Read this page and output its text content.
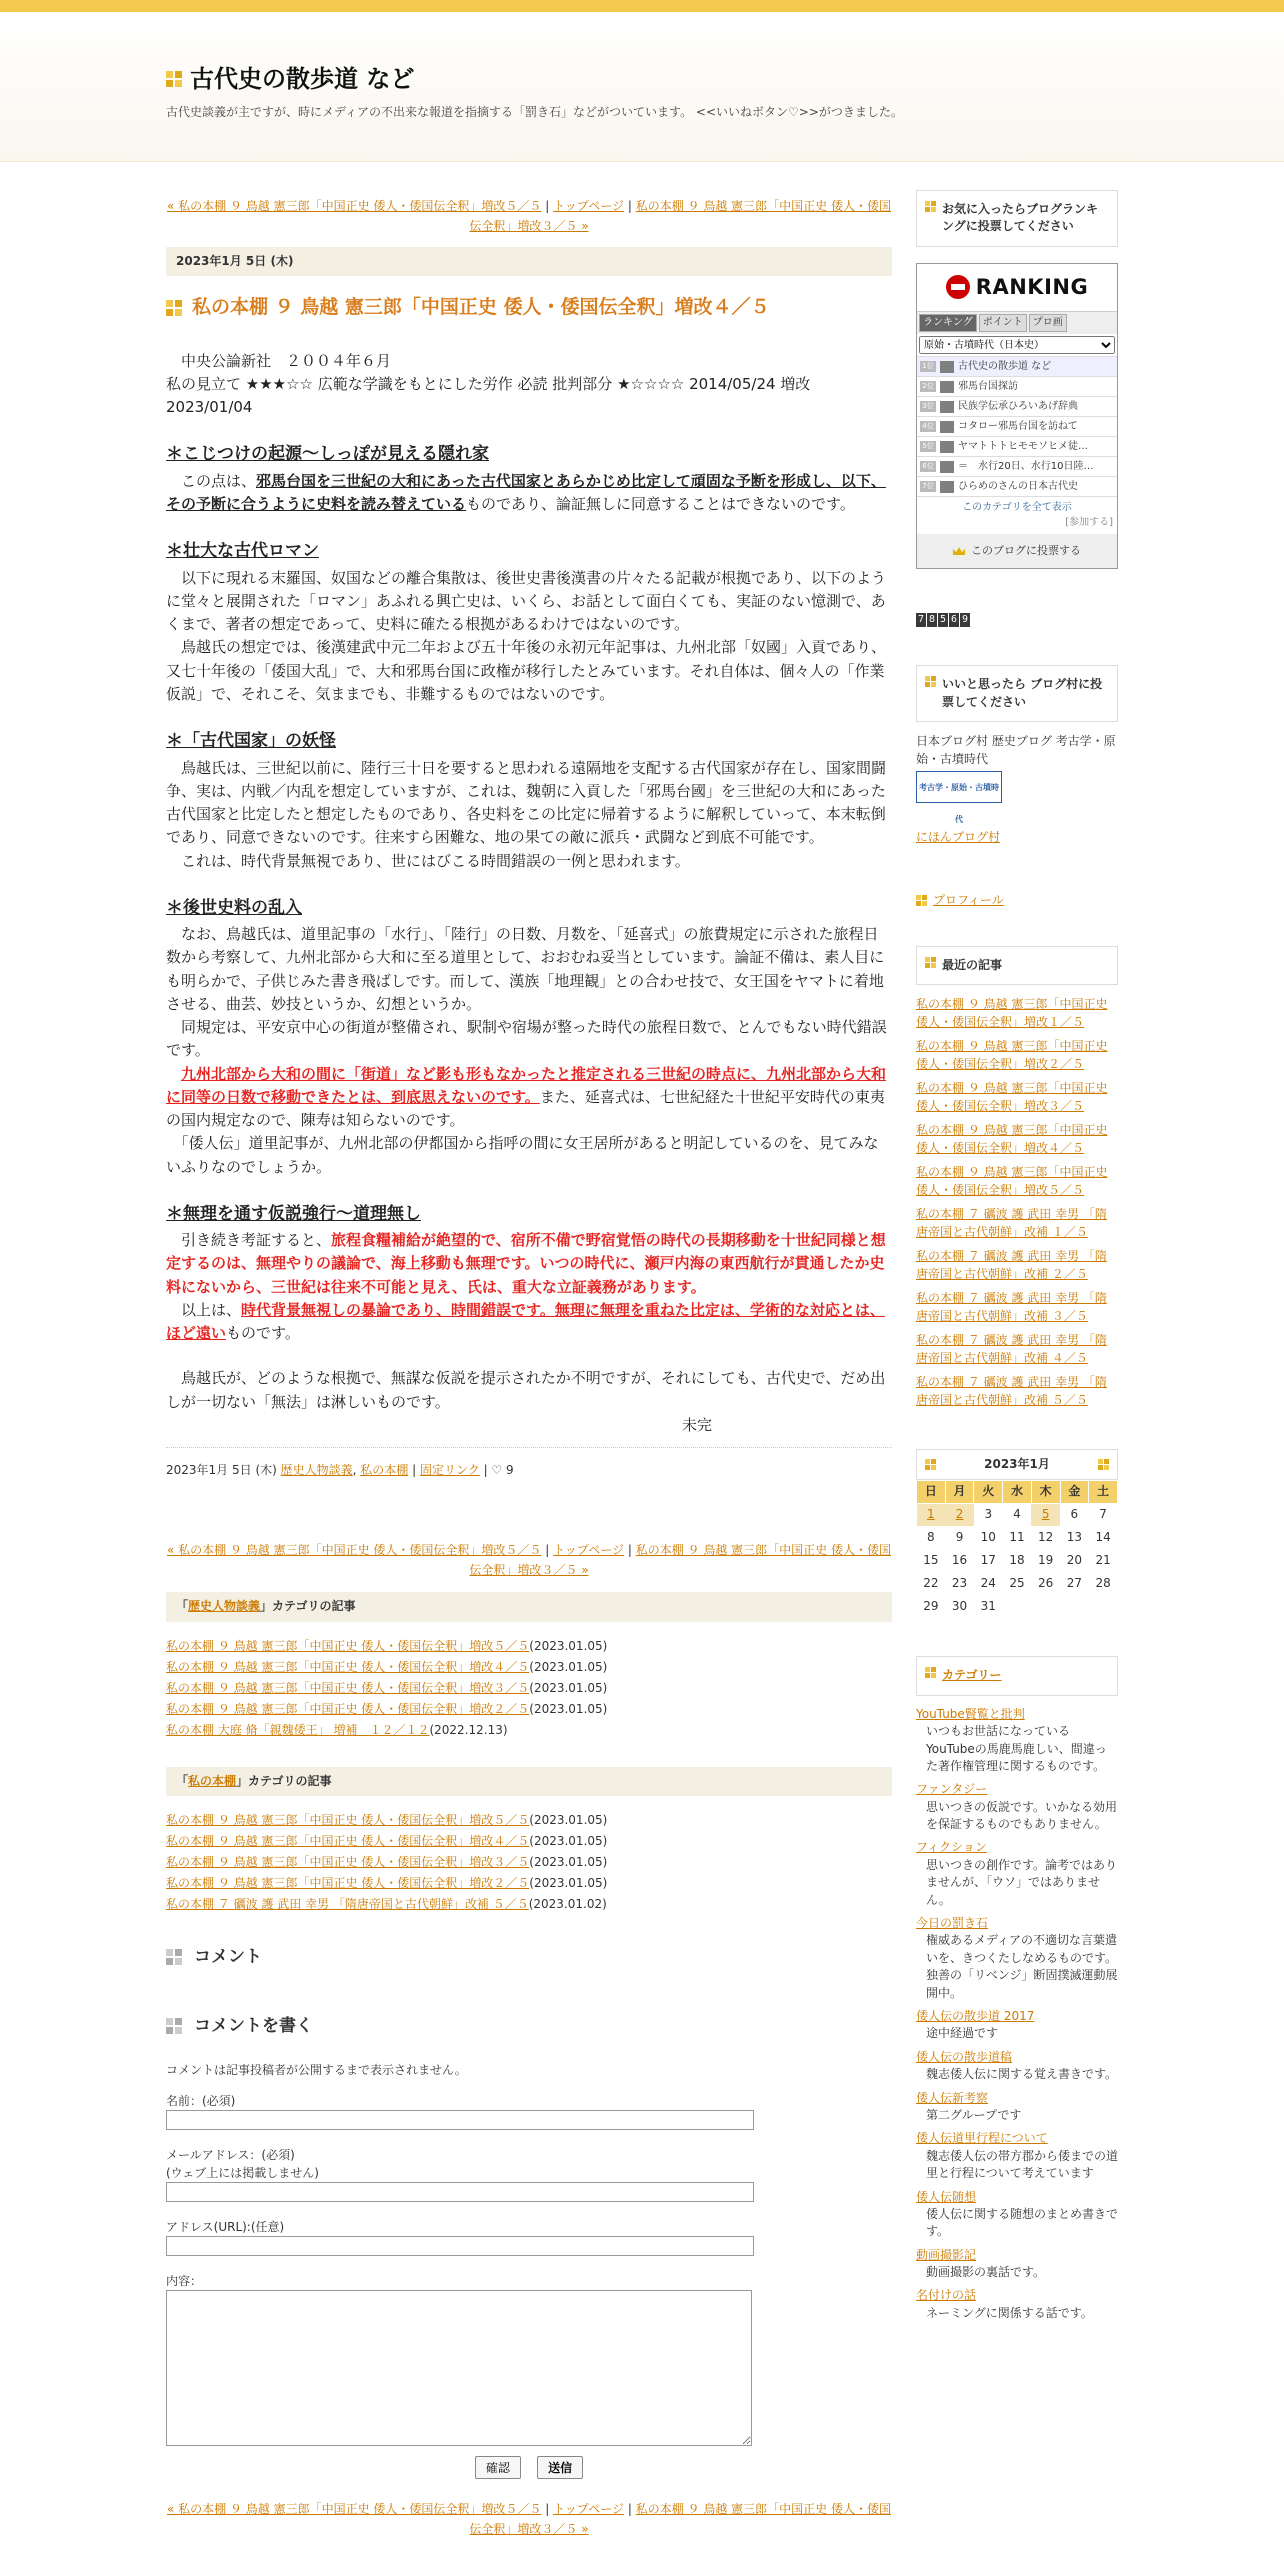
古代史の散歩道 など
古代史談義が主ですが、時にメディアの不出来な報道を指摘する「罰き石」などがついています。 <<いいねボタン♡>>がつきました。
« 私の本棚 ９ 鳥越 憲三郎「中国正史 倭人・倭国伝全釈」増改５／５ | トップページ | 私の本棚 ９ 鳥越 憲三郎「中国正史 倭人・倭国伝全釈」増改３／５ »
2023年1月 5日 (木)
私の本棚 ９ 鳥越 憲三郎「中国正史 倭人・倭国伝全釈」増改４／５

　中央公論新社　２００４年６月

私の見立て ★★★☆☆ 広範な学識をもとにした労作 必読 批判部分 ★☆☆☆☆ 2014/05/24 増改 2023/01/04

＊こじつけの起源～しっぽが見える隠れ家

　この点は、邪馬台国を三世紀の大和にあった古代国家とあらかじめ比定して頑固な予断を形成し、以下、その予断に合うように史料を読み替えているものであり、論証無しに同意することはできないのです。

＊壮大な古代ロマン

　以下に現れる末羅国、奴国などの離合集散は、後世史書後漢書の片々たる記載が根拠であり、以下のように堂々と展開された「ロマン」あふれる興亡史は、いくら、お話として面白くても、実証のない憶測で、あくまで、著者の想定であって、史料に確たる根拠があるわけではないのです。

　鳥越氏の想定では、後漢建武中元二年および五十年後の永初元年記事は、九州北部「奴國」入貢であり、又七十年後の「倭国大乱」で、大和邪馬台国に政権が移行したとみています。それ自体は、個々人の「作業仮説」で、それこそ、気ままでも、非難するものではないのです。

＊「古代国家」の妖怪

　鳥越氏は、三世紀以前に、陸行三十日を要すると思われる遠隔地を支配する古代国家が存在し、国家間闘争、実は、内戦／内乱を想定していますが、これは、魏朝に入貢した「邪馬台國」を三世紀の大和にあった古代国家と比定したと想定したものであり、各史料をこの比定に帰着するように解釈していって、本末転倒であり、同意できないのです。往来すら困難な、地の果ての敵に派兵・武闘など到底不可能です。

　これは、時代背景無視であり、世にはびこる時間錯誤の一例と思われます。

＊後世史料の乱入

　なお、鳥越氏は、道里記事の「水行」、「陸行」の日数、月数を、「延喜式」の旅費規定に示された旅程日数から考察して、九州北部から大和に至る道里として、おおむね妥当としています。論証不備は、素人目にも明らかで、子供じみた書き飛ばしです。而して、漢族「地理観」との合わせ技で、女王国をヤマトに着地させる、曲芸、妙技というか、幻想というか。

　同規定は、平安京中心の街道が整備され、駅制や宿場が整った時代の旅程日数で、とんでもない時代錯誤です。

　九州北部から大和の間に「街道」など影も形もなかったと推定される三世紀の時点に、九州北部から大和に同等の日数で移動できたとは、到底思えないのです。また、延喜式は、七世紀経た十世紀平安時代の東夷の国内規定なので、陳寿は知らないのです。

　「倭人伝」道里記事が、九州北部の伊都国から指呼の間に女王居所があると明記しているのを、見てみないふりなのでしょうか。

＊無理を通す仮説強行～道理無し

　引き続き考証すると、旅程食糧補給が絶望的で、宿所不備で野宿覚悟の時代の長期移動を十世紀同様と想定するのは、無理やりの議論で、海上移動も無理です。いつの時代に、瀬戸内海の東西航行が貫通したか史料にないから、三世紀は往来不可能と見え、氏は、重大な立証義務があります。

　以上は、時代背景無視しの暴論であり、時間錯誤です。無理に無理を重ねた比定は、学術的な対応とは、ほど遠いものです。

　鳥越氏が、どのような根拠で、無謀な仮説を提示されたか不明ですが、それにしても、古代史で、だめ出しが一切ない「無法」は淋しいものです。

未完

2023年1月 5日 (木) 歴史人物談義, 私の本棚 | 固定リンク | ♡ 9
« 私の本棚 ９ 鳥越 憲三郎「中国正史 倭人・倭国伝全釈」増改５／５ | トップページ | 私の本棚 ９ 鳥越 憲三郎「中国正史 倭人・倭国伝全釈」増改３／５ »
「歴史人物談義」カテゴリの記事
私の本棚 ９ 鳥越 憲三郎「中国正史 倭人・倭国伝全釈」増改５／５(2023.01.05)
私の本棚 ９ 鳥越 憲三郎「中国正史 倭人・倭国伝全釈」増改４／５(2023.01.05)
私の本棚 ９ 鳥越 憲三郎「中国正史 倭人・倭国伝全釈」増改３／５(2023.01.05)
私の本棚 ９ 鳥越 憲三郎「中国正史 倭人・倭国伝全釈」増改２／５(2023.01.05)
私の本棚 大庭 脩「親魏倭王」 増補　１２／１２(2022.12.13)
「私の本棚」カテゴリの記事
私の本棚 ９ 鳥越 憲三郎「中国正史 倭人・倭国伝全釈」増改５／５(2023.01.05)
私の本棚 ９ 鳥越 憲三郎「中国正史 倭人・倭国伝全釈」増改４／５(2023.01.05)
私の本棚 ９ 鳥越 憲三郎「中国正史 倭人・倭国伝全釈」増改３／５(2023.01.05)
私の本棚 ９ 鳥越 憲三郎「中国正史 倭人・倭国伝全釈」増改２／５(2023.01.05)
私の本棚 ７ 礪波 護 武田 幸男 「隋唐帝国と古代朝鮮」改補 ５／５(2023.01.02)
コメント
コメントを書く
コメントは記事投稿者が公開するまで表示されません。
名前：(必須)
メールアドレス：(必須)
(ウェブ上には掲載しません)
アドレス(URL):(任意)
内容：
確認	送信
« 私の本棚 ９ 鳥越 憲三郎「中国正史 倭人・倭国伝全釈」増改５／５ | トップページ | 私の本棚 ９ 鳥越 憲三郎「中国正史 倭人・倭国伝全釈」増改３／５ »
お気に入ったらブログランキングに投票してください
RANKING
ランキング	ポイント	プロ画
原始・古墳時代（日本史）
1位 古代史の散歩道 など
2位 邪馬台国探訪
3位 民族学伝承ひろいあげ辞典
4位 コタロー邪馬台国を訪ねて
5位 ヤマトトトヒモモソヒメ徒…
6位 ＝　水行20日、水行10日陸…
7位 ひらめのさんの日本古代史
このカテゴリを全て表示
[参加する]
このブログに投票する
7 8 5 6 9
いいと思ったら ブログ村に投票してください
日本ブログ村 歴史ブログ 考古学・原始・古墳時代
考古学・原始・古墳時代
にほんブログ村
プロフィール
最近の記事
私の本棚 ９ 鳥越 憲三郎「中国正史 倭人・倭国伝全釈」増改１／５
私の本棚 ９ 鳥越 憲三郎「中国正史 倭人・倭国伝全釈」増改２／５
私の本棚 ９ 鳥越 憲三郎「中国正史 倭人・倭国伝全釈」増改３／５
私の本棚 ９ 鳥越 憲三郎「中国正史 倭人・倭国伝全釈」増改４／５
私の本棚 ９ 鳥越 憲三郎「中国正史 倭人・倭国伝全釈」増改５／５
私の本棚 ７ 礪波 護 武田 幸男 「隋唐帝国と古代朝鮮」改補 １／５
私の本棚 ７ 礪波 護 武田 幸男 「隋唐帝国と古代朝鮮」改補 ２／５
私の本棚 ７ 礪波 護 武田 幸男 「隋唐帝国と古代朝鮮」改補 ３／５
私の本棚 ７ 礪波 護 武田 幸男 「隋唐帝国と古代朝鮮」改補 ４／５
私の本棚 ７ 礪波 護 武田 幸男 「隋唐帝国と古代朝鮮」改補 ５／５
2023年1月
日	月	火	水	木	金	土
1	2	3	4	5	6	7
8	9	10	11	12	13	14
15	16	17	18	19	20	21
22	23	24	25	26	27	28
29	30	31				
カテゴリー
YouTube賢覧と批判

いつもお世話になっているYouTubeの馬鹿馬鹿しい、間違った著作権管理に関するものです。

ファンタジー

思いつきの仮説です。いかなる効用を保証するものでもありません。

フィクション

思いつきの創作です。論考ではありませんが、「ウソ」ではありません。

今日の罰き石

権威あるメディアの不適切な言葉遣いを、きつくたしなめるものです。独善の「リベンジ」断固撲滅運動展開中。

倭人伝の散歩道 2017

途中経過です

倭人伝の散歩道稿

魏志倭人伝に関する覚え書きです。

倭人伝新考察

第二グループです

倭人伝道里行程について

魏志倭人伝の帯方郡から倭までの道里と行程について考えています

倭人伝随想

倭人伝に関する随想のまとめ書きです。

動画撮影記

動画撮影の裏話です。

名付けの話

ネーミングに関係する話です。
